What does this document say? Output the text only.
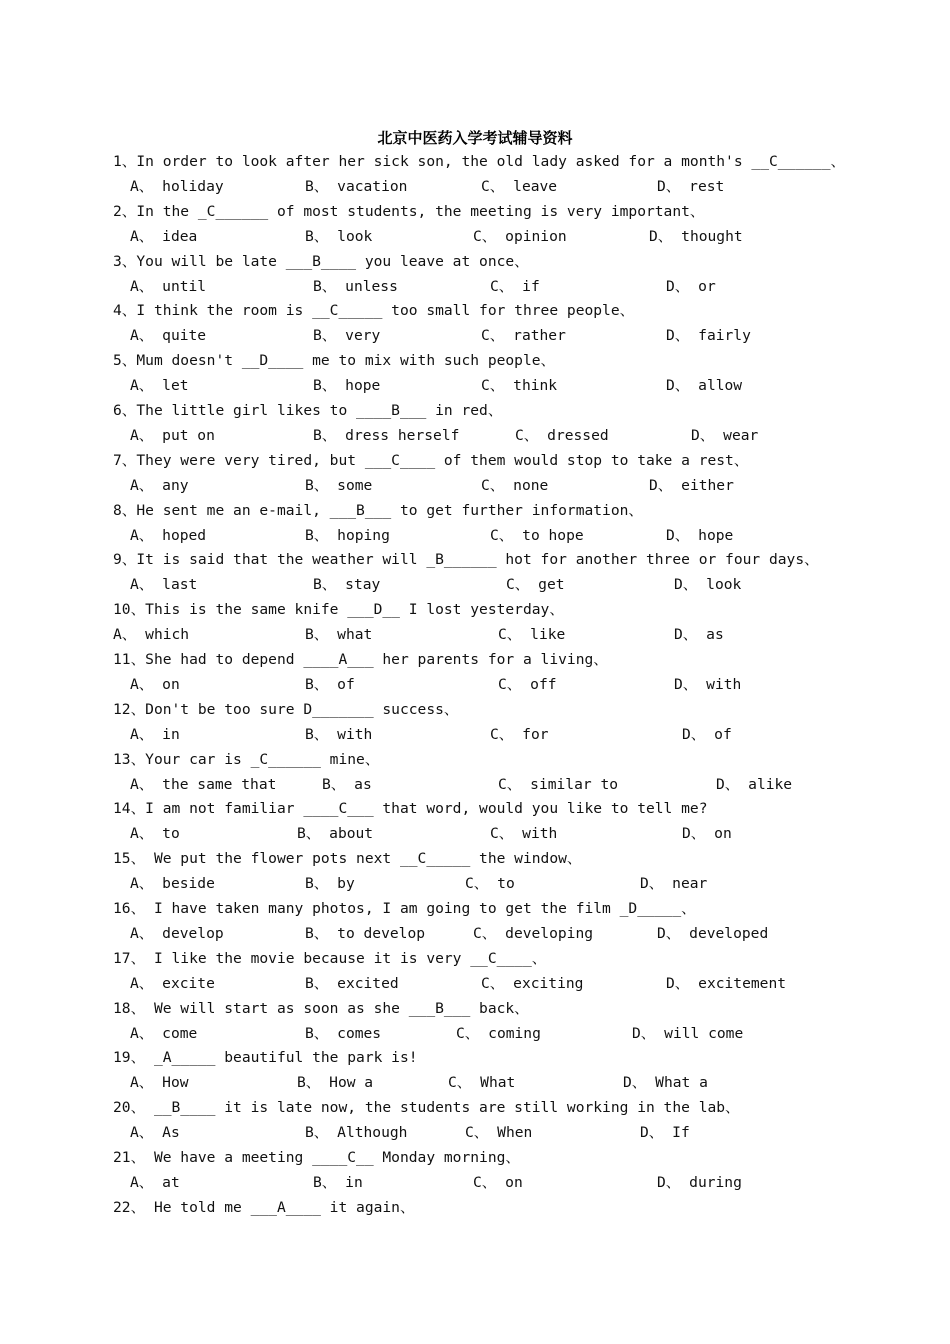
北京中医药入学考试辅导资料
1、In order to look after her sick son, the old lady asked for a month's __C______、
A、 holiday	B、 vacation	C、 leave	D、 rest
2、In the _C______ of most students, the meeting is very important、
A、 idea	B、 look	C、 opinion	D、 thought
3、You will be late ___B____ you leave at once、
A、 until	B、 unless	C、 if	D、 or
4、I think the room is __C_____ too small for three people、
A、 quite	B、 very	C、 rather	D、 fairly
5、Mum doesn't __D____ me to mix with such people、
A、 let	B、 hope	C、 think	D、 allow
6、The little girl likes to ____B___ in red、
A、 put on	B、 dress herself	C、 dressed	D、 wear
7、They were very tired, but ___C____ of them would stop to take a rest、
A、 any	B、 some	C、 none	D、 either
8、He sent me an e-mail, ___B___ to get further information、
A、 hoped	B、 hoping	C、 to hope	D、 hope
9、It is said that the weather will _B______ hot for another three or four days、
A、 last	B、 stay	C、 get	D、 look
10、This is the same knife ___D__ I lost yesterday、
A、 which	B、 what	C、 like	D、 as
11、She had to depend ____A___ her parents for a living、
A、 on	B、 of	C、 off	D、 with
12、Don't be too sure D_______ success、
A、 in	B、 with	C、 for	D、 of
13、Your car is _C______ mine、
A、 the same that	B、 as	C、 similar to	D、 alike
14、I am not familiar ____C___ that word, would you like to tell me?
A、 to	B、 about	C、 with	D、 on
15、 We put the flower pots next __C_____ the window、
A、 beside	B、 by	C、 to	D、 near
16、 I have taken many photos, I am going to get the film _D_____、
A、 develop	B、 to develop	C、 developing	D、 developed
17、 I like the movie because it is very __C____、
A、 excite	B、 excited	C、 exciting	D、 excitement
18、 We will start as soon as she ___B___ back、
A、 come	B、 comes	C、 coming	D、 will come
19、 _A_____ beautiful the park is!
A、 How	B、 How a	C、 What	D、 What a
20、 __B____ it is late now, the students are still working in the lab、
A、 As	B、 Although	C、 When	D、 If
21、 We have a meeting ____C__ Monday morning、
A、 at	B、 in	C、 on	D、 during
22、 He told me ___A____ it again、
